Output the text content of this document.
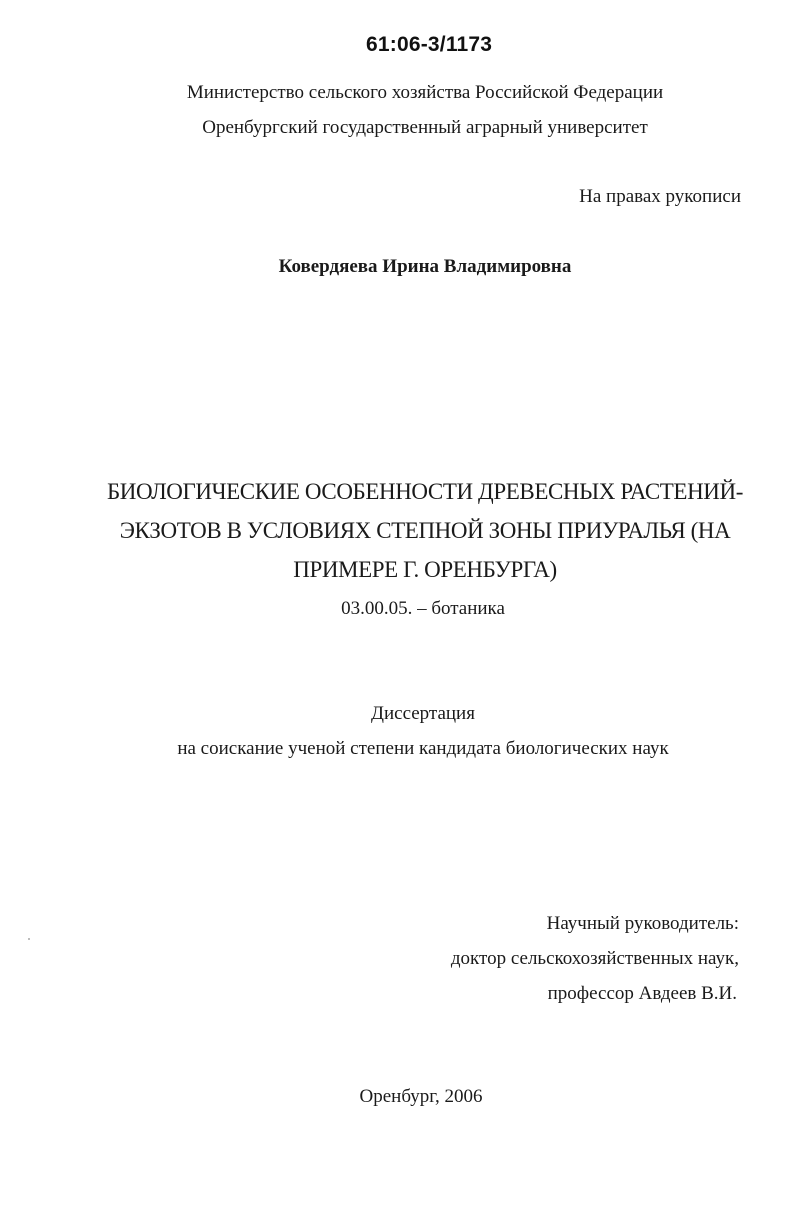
61:06-3/1173
Министерство сельского хозяйства Российской Федерации
Оренбургский государственный аграрный университет
На правах рукописи
Ковердяева Ирина Владимировна
БИОЛОГИЧЕСКИЕ ОСОБЕННОСТИ ДРЕВЕСНЫХ РАСТЕНИЙ-
ЭКЗОТОВ В УСЛОВИЯХ СТЕПНОЙ ЗОНЫ ПРИУРАЛЬЯ (НА
ПРИМЕРЕ Г. ОРЕНБУРГА)
03.00.05. – ботаника
Диссертация
на соискание ученой степени кандидата биологических наук
Научный руководитель:
доктор сельскохозяйственных наук,
профессор Авдеев В.И.
Оренбург, 2006
